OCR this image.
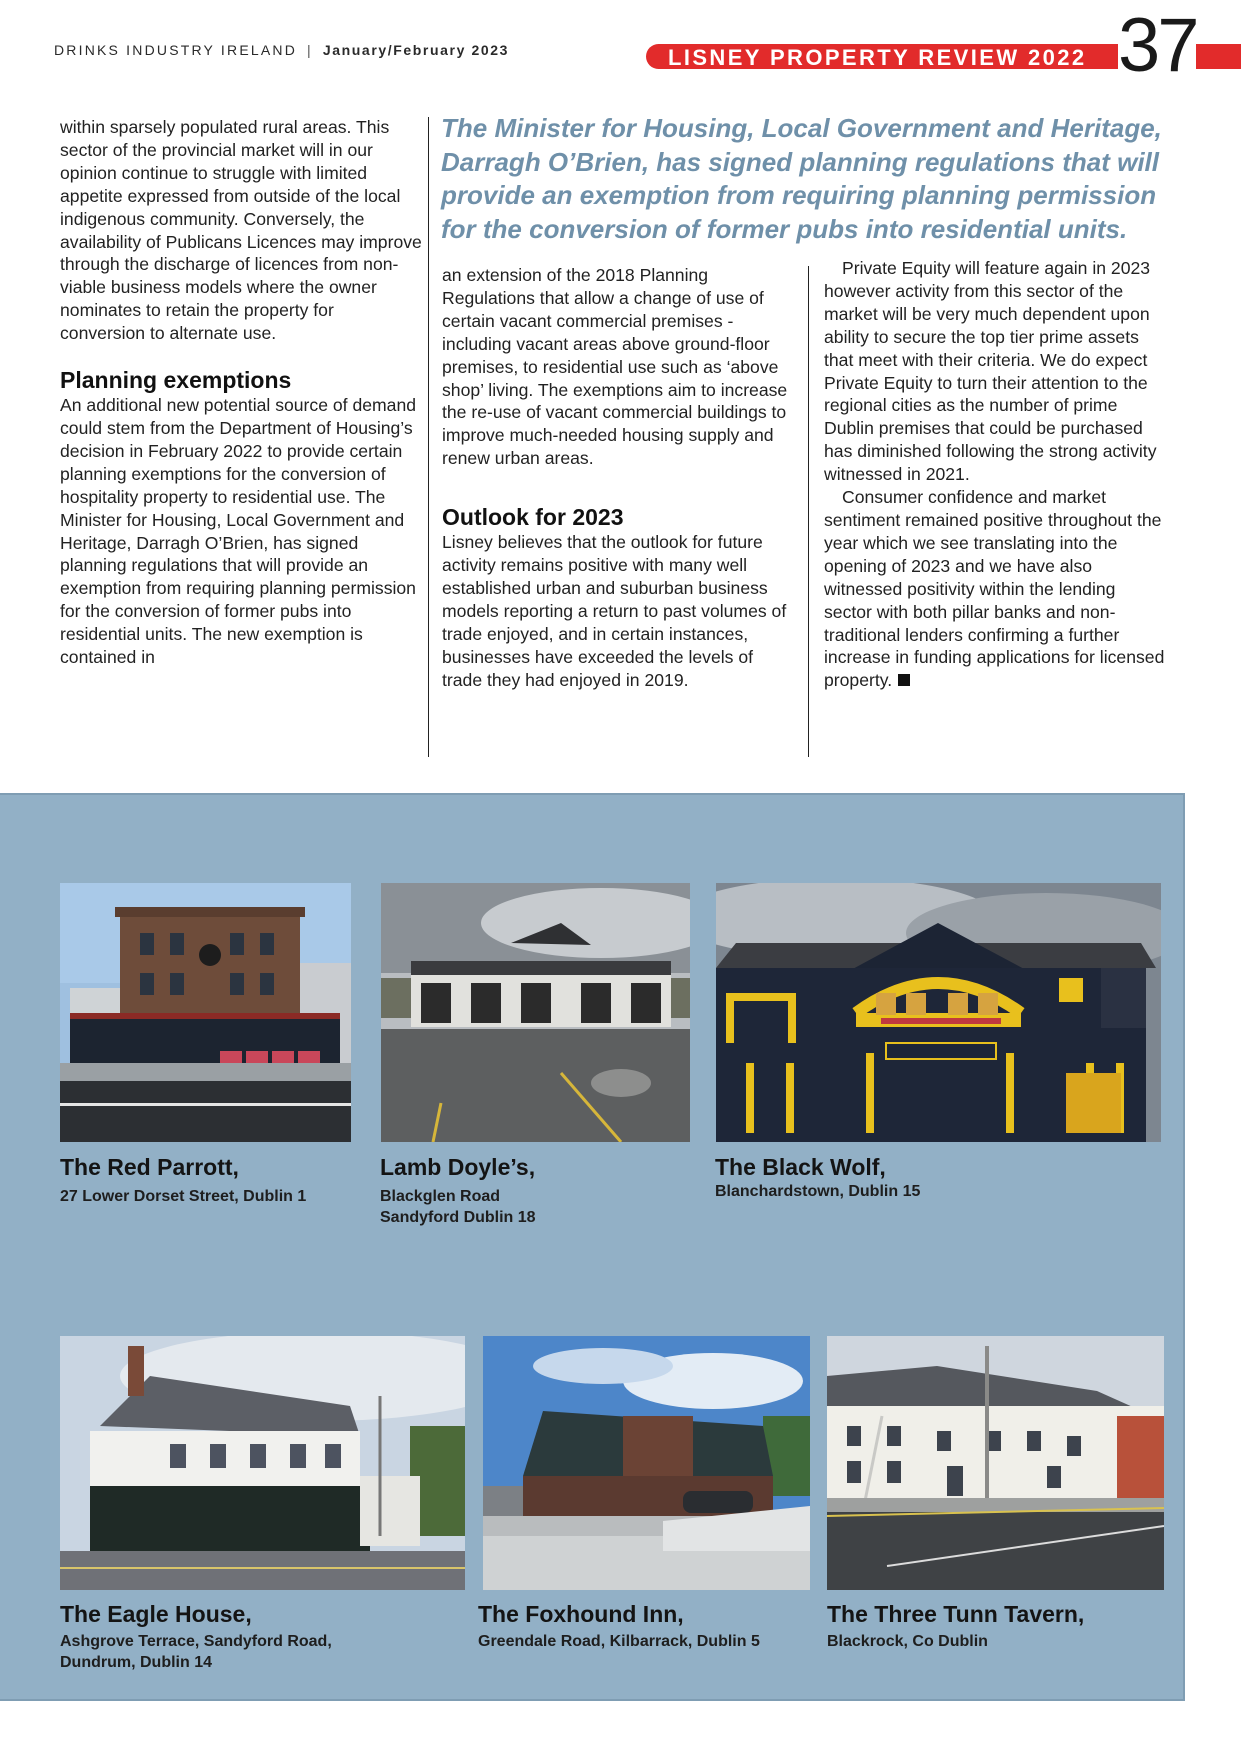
DRINKS INDUSTRY IRELAND | January/February 2023	LISNEY PROPERTY REVIEW 2022 37

within sparsely populated rural areas. This sector of the provincial market will in our opinion continue to struggle with limited appetite expressed from outside of the local indigenous community. Conversely, the availability of Publicans Licences may improve through the discharge of licences from non-viable business models where the owner nominates to retain the property for conversion to alternate use.

Planning exemptions

An additional new potential source of demand could stem from the Department of Housing’s decision in February 2022 to provide certain planning exemptions for the conversion of hospitality property to residential use. The Minister for Housing, Local Government and Heritage, Darragh O’Brien, has signed planning regulations that will provide an exemption from requiring planning permission for the conversion of former pubs into residential units. The new exemption is contained in

The Minister for Housing, Local Government and Heritage, Darragh O’Brien, has signed planning regulations that will provide an exemption from requiring planning permission for the conversion of former pubs into residential units.

an extension of the 2018 Planning Regulations that allow a change of use of certain vacant commercial premises - including vacant areas above ground-floor premises, to residential use such as ‘above shop’ living. The exemptions aim to increase the re-use of vacant commercial buildings to improve much-needed housing supply and renew urban areas.

Outlook for 2023

Lisney believes that the outlook for future activity remains positive with many well established urban and suburban business models reporting a return to past volumes of trade enjoyed, and in certain instances, businesses have exceeded the levels of trade they had enjoyed in 2019.

Private Equity will feature again in 2023 however activity from this sector of the market will be very much dependent upon ability to secure the top tier prime assets that meet with their criteria. We do expect Private Equity to turn their attention to the regional cities as the number of prime Dublin premises that could be purchased has diminished following the strong activity witnessed in 2021.

Consumer confidence and market sentiment remained positive throughout the year which we see translating into the opening of 2023 and we have also witnessed positivity within the lending sector with both pillar banks and non-traditional lenders confirming a further increase in funding applications for licensed property.

The Red Parrott,
27 Lower Dorset Street, Dublin 1
Lamb Doyle’s,
Blackglen Road
Sandyford Dublin 18
The Black Wolf,
Blanchardstown, Dublin 15
The Eagle House,
Ashgrove Terrace, Sandyford Road,
Dundrum, Dublin 14
The Foxhound Inn,
Greendale Road, Kilbarrack, Dublin 5
The Three Tunn Tavern,
Blackrock, Co Dublin
